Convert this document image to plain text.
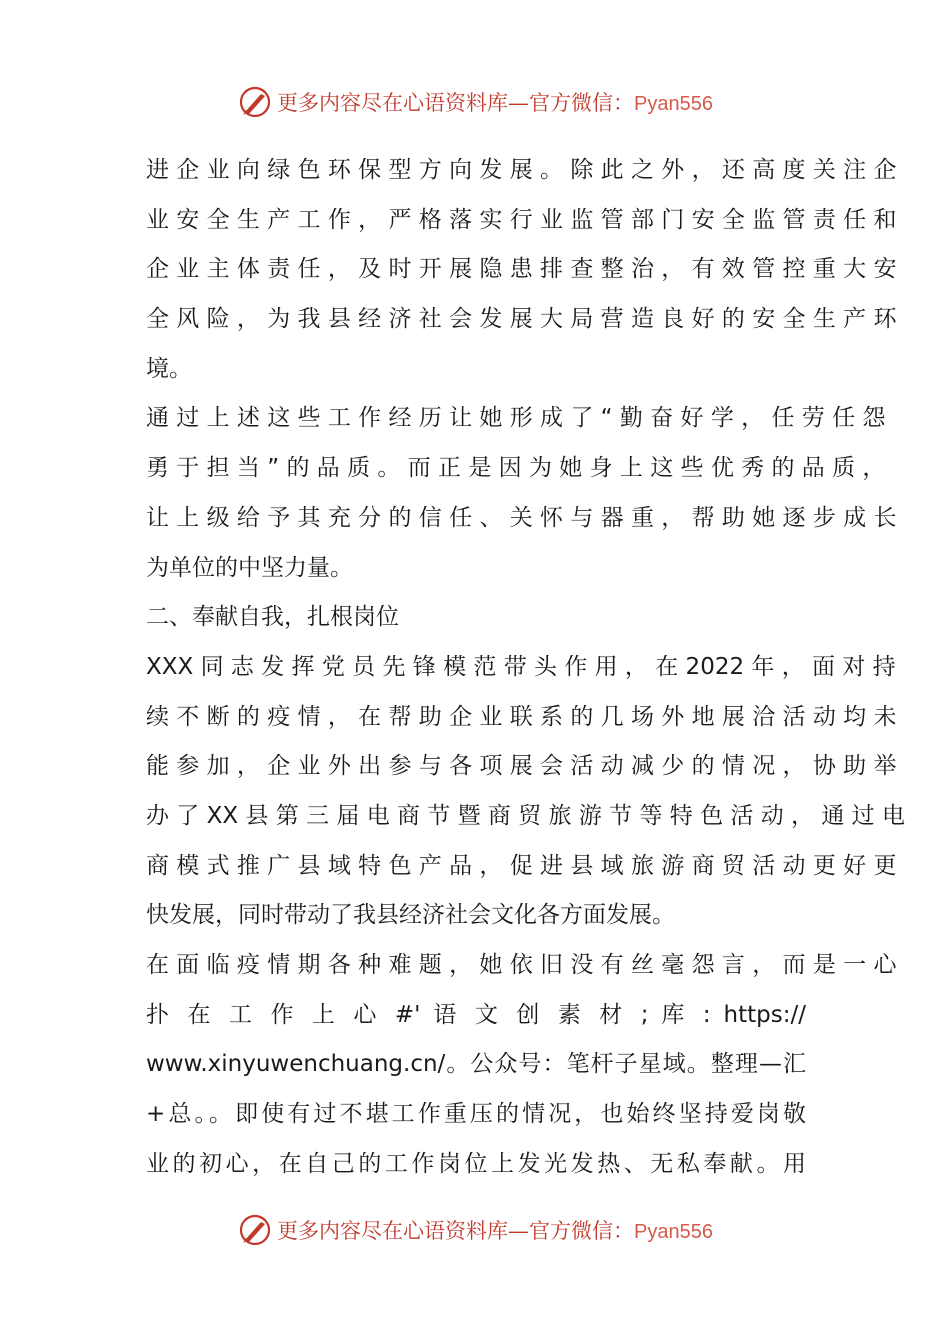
更多内容尽在心语资料库—官方微信：Pyan556
进 企 业 向 绿 色 环 保 型 方 向 发 展 。 除 此 之 外 ， 还 高 度 关 注 企
业 安 全 生 产 工 作 ， 严 格 落 实 行 业 监 管 部 门 安 全 监 管 责 任 和
企 业 主 体 责 任 ， 及 时 开 展 隐 患 排 查 整 治 ， 有 效 管 控 重 大 安
全 风 险 ， 为 我 县 经 济 社 会 发 展 大 局 营 造 良 好 的 安 全 生 产 环
境。
通 过 上 述 这 些 工 作 经 历 让 她 形 成 了 “ 勤 奋 好 学 ， 任 劳 任 怨
勇 于 担 当 ” 的 品 质 。 而 正 是 因 为 她 身 上 这 些 优 秀 的 品 质 ，
让 上 级 给 予 其 充 分 的 信 任 、 关 怀 与 器 重 ， 帮 助 她 逐 步 成 长
为单位的中坚力量。
二、奉献自我，扎根岗位
XXX 同 志 发 挥 党 员 先 锋 模 范 带 头 作 用 ， 在 2022 年 ， 面 对 持
续 不 断 的 疫 情 ， 在 帮 助 企 业 联 系 的 几 场 外 地 展 洽 活 动 均 未
能 参 加 ， 企 业 外 出 参 与 各 项 展 会 活 动 减 少 的 情 况 ， 协 助 举
办 了 XX 县 第 三 届 电 商 节 暨 商 贸 旅 游 节 等 特 色 活 动 ， 通 过 电
商 模 式 推 广 县 域 特 色 产 品 ， 促 进 县 域 旅 游 商 贸 活 动 更 好 更
快发展，同时带动了我县经济社会文化各方面发展。
在 面 临 疫 情 期 各 种 难 题 ， 她 依 旧 没 有 丝 毫 怨 言 ， 而 是 一 心
扑 在 工 作 上 心 #' 语 文 创 素 材 ; 库 : https://
www.xinyuwenchuang.cn/。公众号：笔杆子星域。整理—汇
+总。。即使有过不堪工作重压的情况，也始终坚持爱岗敬
业的初心，在自己的工作岗位上发光发热、无私奉献。用
更多内容尽在心语资料库—官方微信：Pyan556
